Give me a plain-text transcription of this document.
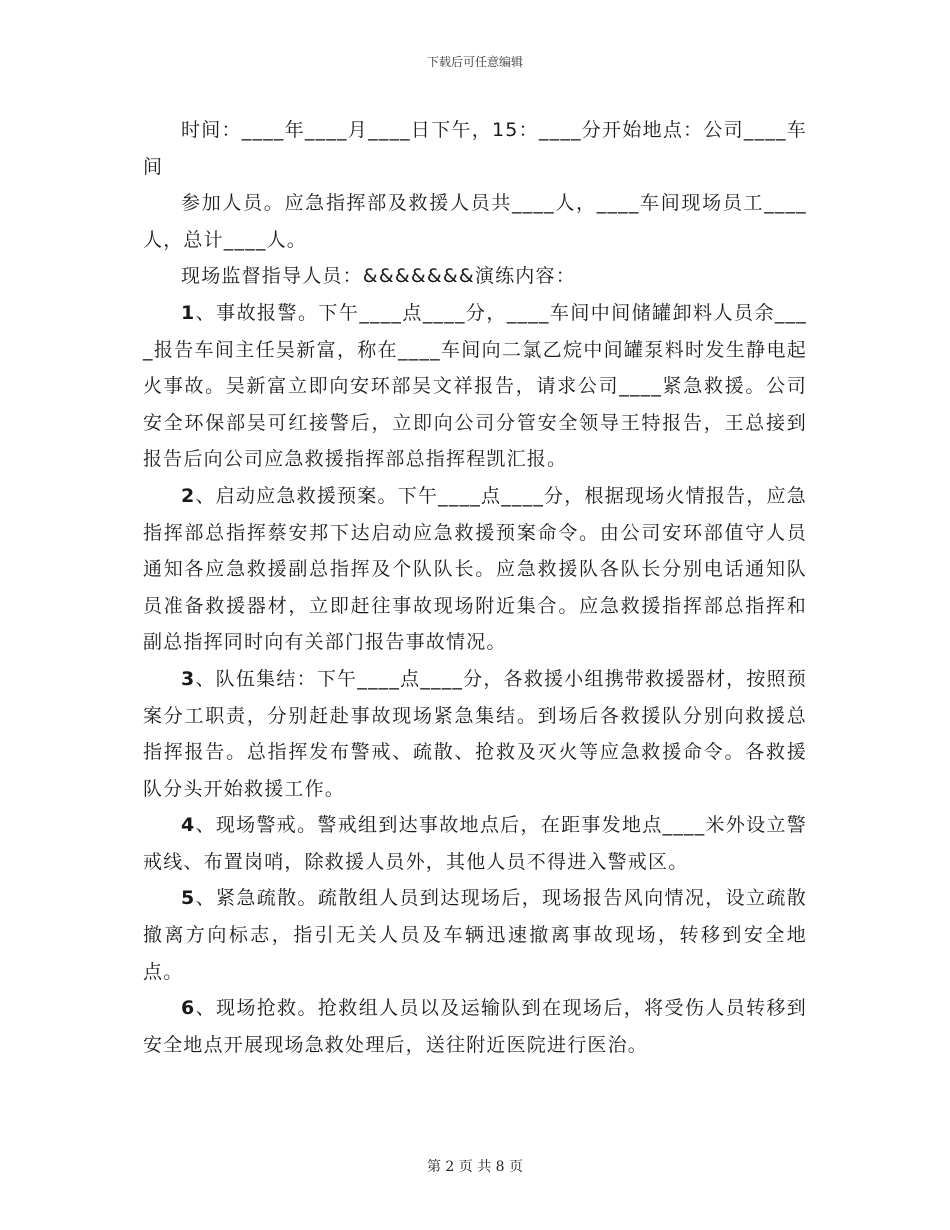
下载后可任意编辑

时间：____年____月____日下午，15：____分开始地点：公司____车间

参加人员。应急指挥部及救援人员共____人，____车间现场员工____人，总计____人。

现场监督指导人员：&&&&&&&演练内容：

1、事故报警。下午____点____分，____车间中间储罐卸料人员余____报告车间主任吴新富，称在____车间向二氯乙烷中间罐泵料时发生静电起火事故。吴新富立即向安环部吴文祥报告，请求公司____紧急救援。公司安全环保部吴可红接警后，立即向公司分管安全领导王特报告，王总接到报告后向公司应急救援指挥部总指挥程凯汇报。

2、启动应急救援预案。下午____点____分，根据现场火情报告，应急指挥部总指挥蔡安邦下达启动应急救援预案命令。由公司安环部值守人员通知各应急救援副总指挥及个队队长。应急救援队各队长分别电话通知队员准备救援器材，立即赶往事故现场附近集合。应急救援指挥部总指挥和副总指挥同时向有关部门报告事故情况。

3、队伍集结：下午____点____分，各救援小组携带救援器材，按照预案分工职责，分别赶赴事故现场紧急集结。到场后各救援队分别向救援总指挥报告。总指挥发布警戒、疏散、抢救及灭火等应急救援命令。各救援队分头开始救援工作。

4、现场警戒。警戒组到达事故地点后，在距事发地点____米外设立警戒线、布置岗哨，除救援人员外，其他人员不得进入警戒区。

5、紧急疏散。疏散组人员到达现场后，现场报告风向情况，设立疏散撤离方向标志，指引无关人员及车辆迅速撤离事故现场，转移到安全地点。

6、现场抢救。抢救组人员以及运输队到在现场后，将受伤人员转移到安全地点开展现场急救处理后，送往附近医院进行医治。

第 2 页 共 8 页
